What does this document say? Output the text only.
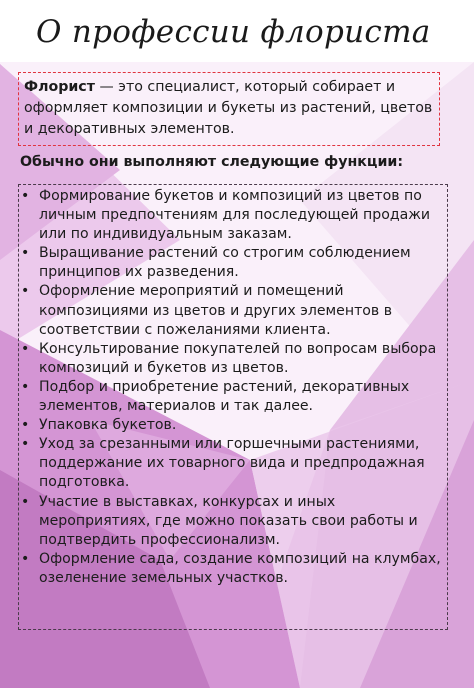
О профессии флориста
Флорист — это специалист, который собирает и оформляет композиции и букеты из растений, цветов и декоративных элементов.
Обычно они выполняют следующие функции:
• Формирование букетов и композиций из цветов по личным предпочтениям для последующей продажи или по индивидуальным заказам.
• Выращивание растений со строгим соблюдением принципов их разведения.
• Оформление мероприятий и помещений композициями из цветов и других элементов в соответствии с пожеланиями клиента.
• Консультирование покупателей по вопросам выбора композиций и букетов из цветов.
• Подбор и приобретение растений, декоративных элементов, материалов и так далее.
• Упаковка букетов.
• Уход за срезанными или горшечными растениями, поддержание их товарного вида и предпродажная подготовка.
• Участие в выставках, конкурсах и иных мероприятиях, где можно показать свои работы и подтвердить профессионализм.
• Оформление сада, создание композиций на клумбах, озеленение земельных участков.
